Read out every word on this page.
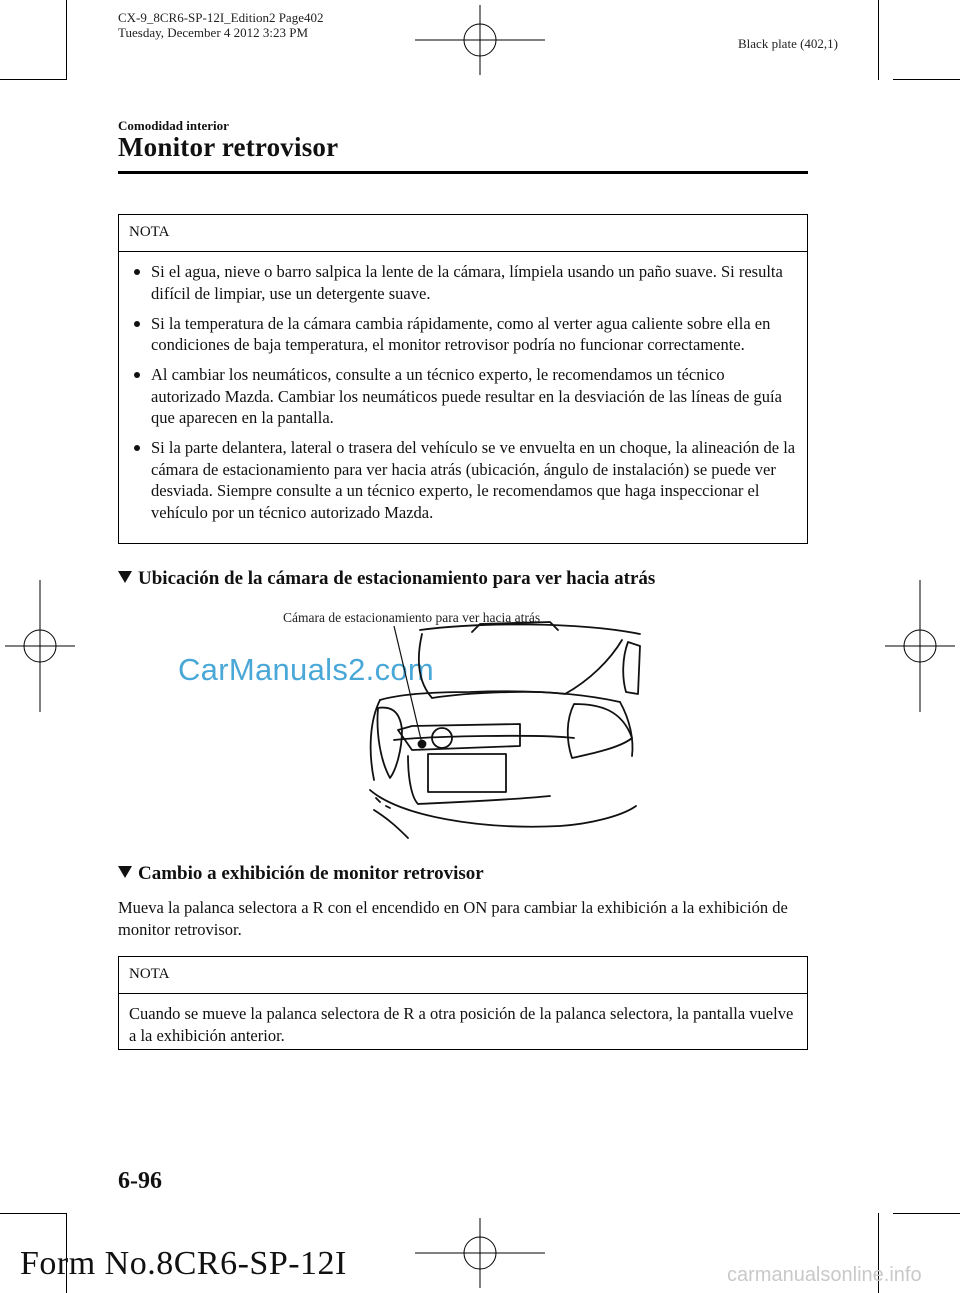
CX-9_8CR6-SP-12I_Edition2 Page402
Tuesday, December 4 2012 3:23 PM
Black plate (402,1)
Comodidad interior
Monitor retrovisor
NOTA
Si el agua, nieve o barro salpica la lente de la cámara, límpiela usando un paño suave. Si resulta difícil de limpiar, use un detergente suave.
Si la temperatura de la cámara cambia rápidamente, como al verter agua caliente sobre ella en condiciones de baja temperatura, el monitor retrovisor podría no funcionar correctamente.
Al cambiar los neumáticos, consulte a un técnico experto, le recomendamos un técnico autorizado Mazda. Cambiar los neumáticos puede resultar en la desviación de las líneas de guía que aparecen en la pantalla.
Si la parte delantera, lateral o trasera del vehículo se ve envuelta en un choque, la alineación de la cámara de estacionamiento para ver hacia atrás (ubicación, ángulo de instalación) se puede ver desviada. Siempre consulte a un técnico experto, le recomendamos que haga inspeccionar el vehículo por un técnico autorizado Mazda.
Ubicación de la cámara de estacionamiento para ver hacia atrás
Cámara de estacionamiento para ver hacia atrás
CarManuals2.com
Cambio a exhibición de monitor retrovisor
Mueva la palanca selectora a R con el encendido en ON para cambiar la exhibición a la exhibición de monitor retrovisor.
NOTA
Cuando se mueve la palanca selectora de R a otra posición de la palanca selectora, la pantalla vuelve a la exhibición anterior.
6-96
Form No.8CR6-SP-12I	carmanualsonline.info
